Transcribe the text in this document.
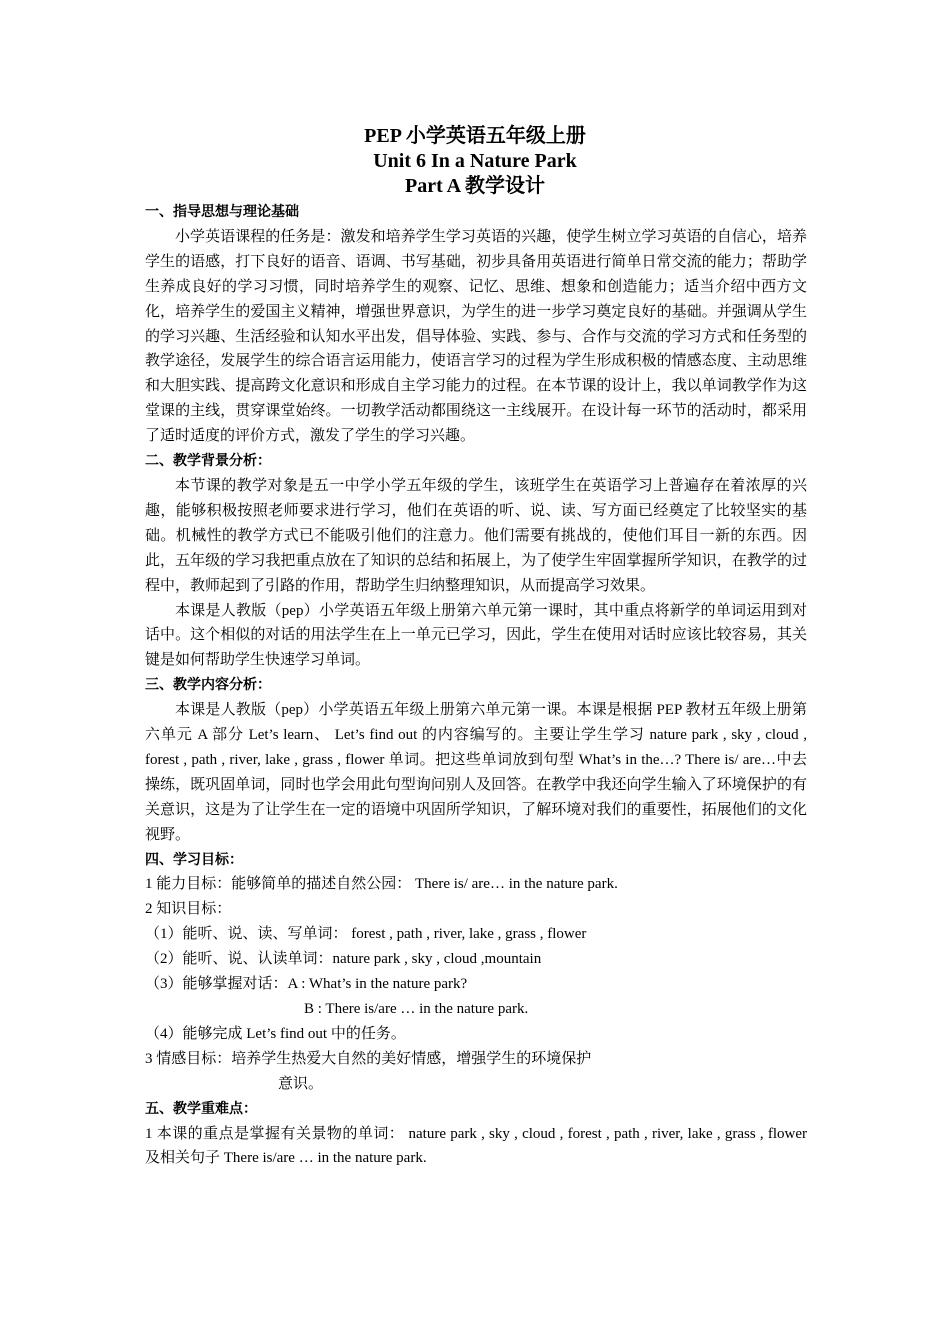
PEP 小学英语五年级上册
Unit 6 In a Nature Park
Part A 教学设计
一、指导思想与理论基础

小学英语课程的任务是：激发和培养学生学习英语的兴趣，使学生树立学习英语的自信心，培养学生的语感，打下良好的语音、语调、书写基础，初步具备用英语进行简单日常交流的能力；帮助学生养成良好的学习习惯，同时培养学生的观察、记忆、思维、想象和创造能力；适当介绍中西方文化，培养学生的爱国主义精神，增强世界意识，为学生的进一步学习奠定良好的基础。并强调从学生的学习兴趣、生活经验和认知水平出发，倡导体验、实践、参与、合作与交流的学习方式和任务型的教学途径，发展学生的综合语言运用能力，使语言学习的过程为学生形成积极的情感态度、主动思维和大胆实践、提高跨文化意识和形成自主学习能力的过程。在本节课的设计上，我以单词教学作为这堂课的主线，贯穿课堂始终。一切教学活动都围绕这一主线展开。在设计每一环节的活动时，都采用了适时适度的评价方式，激发了学生的学习兴趣。

二、教学背景分析：

本节课的教学对象是五一中学小学五年级的学生，该班学生在英语学习上普遍存在着浓厚的兴趣，能够积极按照老师要求进行学习，他们在英语的听、说、读、写方面已经奠定了比较坚实的基础。机械性的教学方式已不能吸引他们的注意力。他们需要有挑战的，使他们耳目一新的东西。因此，五年级的学习我把重点放在了知识的总结和拓展上，为了使学生牢固掌握所学知识，在教学的过程中，教师起到了引路的作用，帮助学生归纳整理知识，从而提高学习效果。

本课是人教版（pep）小学英语五年级上册第六单元第一课时，其中重点将新学的单词运用到对话中。这个相似的对话的用法学生在上一单元已学习，因此，学生在使用对话时应该比较容易，其关键是如何帮助学生快速学习单词。

三、教学内容分析：

本课是人教版（pep）小学英语五年级上册第六单元第一课。本课是根据 PEP 教材五年级上册第六单元 A 部分 Let’s learn、 Let’s find out 的内容编写的。主要让学生学习 nature park , sky , cloud , forest , path , river, lake , grass , flower 单词。把这些单词放到句型 What’s in the…? There is/ are…中去操练，既巩固单词，同时也学会用此句型询问别人及回答。在教学中我还向学生输入了环境保护的有关意识，这是为了让学生在一定的语境中巩固所学知识，了解环境对我们的重要性，拓展他们的文化视野。

四、学习目标：
1 能力目标：能够简单的描述自然公园： There is/ are… in the nature park.
2 知识目标：
（1）能听、说、读、写单词： forest , path , river, lake , grass , flower
（2）能听、说、认读单词：nature park , sky , cloud ,mountain
（3）能够掌握对话：A : What’s in the nature park?
B : There is/are … in the nature park.
（4）能够完成 Let’s find out 中的任务。
3 情感目标：培养学生热爱大自然的美好情感，增强学生的环境保护
意识。
五、教学重难点：

1 本课的重点是掌握有关景物的单词： nature park , sky , cloud , forest , path , river, lake , grass , flower 及相关句子 There is/are … in the nature park.
